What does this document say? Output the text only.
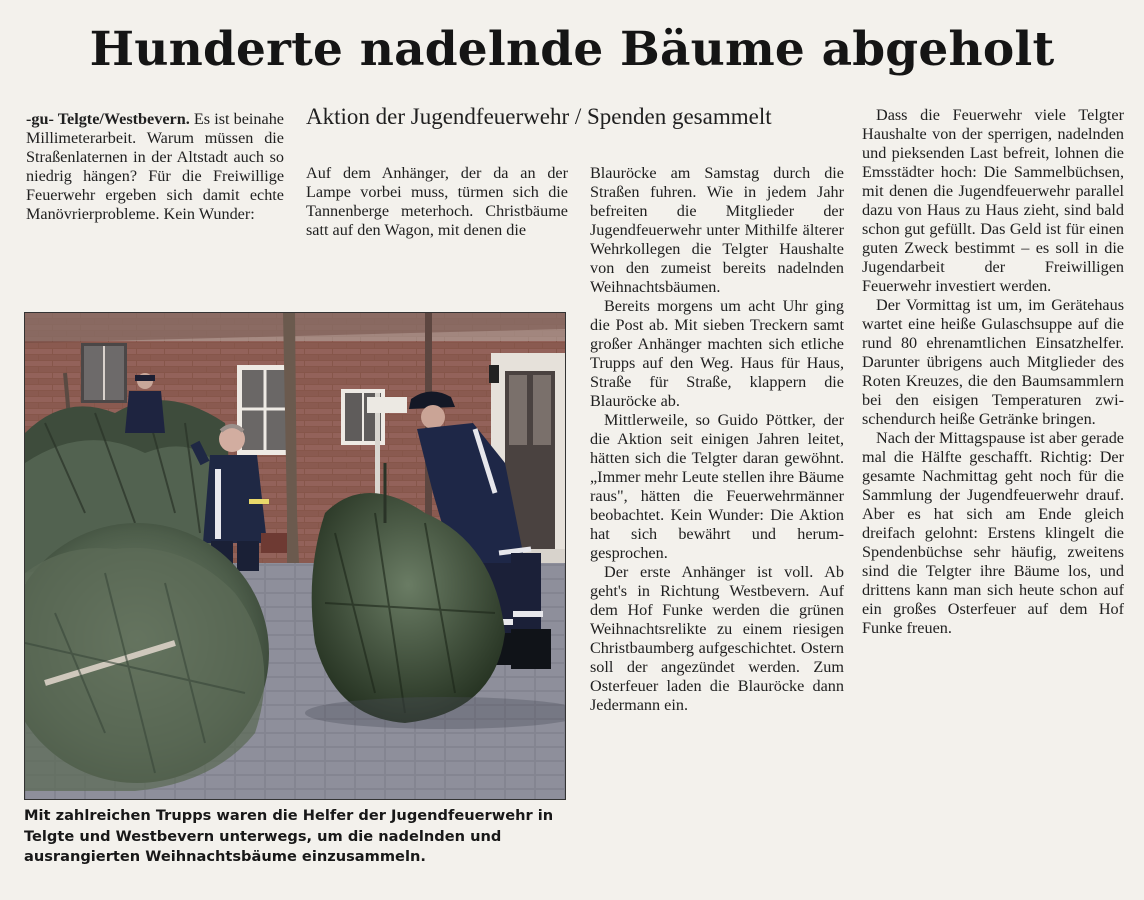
Hunderte nadelnde Bäume abgeholt
Aktion der Jugendfeuerwehr / Spenden gesammelt

-gu- Telgte/Westbevern. Es ist beinahe Millimeterarbeit. Warum müssen die Straßenlaternen in der Altstadt auch so niedrig hängen? Für die Freiwillige Feuerwehr ergeben sich damit echte Manövrierprobleme. Kein Wunder:

Auf dem Anhänger, der da an der Lampe vorbei muss, türmen sich die Tannenberge meterhoch. Christbäume satt auf den Wagon, mit denen die

Blauröcke am Samstag durch die Straßen fuhren. Wie in jedem Jahr befreiten die Mitglieder der Jugendfeuerwehr unter Mithilfe älterer Wehrkollegen die Telgter Haushalte von den zumeist bereits nadelnden Weihnachtsbäumen.

Bereits morgens um acht Uhr ging die Post ab. Mit sieben Treckern samt großer Anhänger machten sich etliche Trupps auf den Weg. Haus für Haus, Straße für Straße, klappern die Blauröcke ab.

Mittlerweile, so Guido Pöttker, der die Aktion seit einigen Jahren leitet, hätten sich die Telgter daran gewöhnt. „Immer mehr Leute stellen ihre Bäume raus", hätten die Feuerwehrmänner beobachtet. Kein Wunder: Die Aktion hat sich bewährt und herumgesprochen.

Der erste Anhänger ist voll. Ab geht's in Richtung Westbevern. Auf dem Hof Funke werden die grünen Weihnachtsrelikte zu einem riesigen Christbaumberg aufgeschichtet. Ostern soll der angezündet werden. Zum Osterfeuer laden die Blauröcke dann Jedermann ein.

Dass die Feuerwehr viele Telgter Haushalte von der sperrigen, nadelnden und pieksenden Last befreit, lohnen die Emsstädter hoch: Die Sammelbüchsen, mit denen die Jugendfeuerwehr parallel dazu von Haus zu Haus zieht, sind bald schon gut gefüllt. Das Geld ist für einen guten Zweck bestimmt – es soll in die Jugendarbeit der Freiwilligen Feuerwehr investiert werden.

Der Vormittag ist um, im Gerätehaus wartet eine heiße Gulaschsuppe auf die rund 80 ehrenamtlichen Einsatzhelfer. Darunter übrigens auch Mitglieder des Roten Kreuzes, die den Baumsammlern bei den eisigen Temperaturen zwischendurch heiße Getränke bringen.

Nach der Mittagspause ist aber gerade mal die Hälfte geschafft. Richtig: Der gesamte Nachmittag geht noch für die Sammlung der Jugendfeuerwehr drauf. Aber es hat sich am Ende gleich dreifach gelohnt: Erstens klingelt die Spendenbüchse sehr häufig, zweitens sind die Telgter ihre Bäume los, und drittens kann man sich heute schon auf ein großes Osterfeuer auf dem Hof Funke freuen.

Mit zahlreichen Trupps waren die Helfer der Jugendfeuerwehr in Telgte und Westbevern unterwegs, um die nadelnden und ausrangierten Weihnachtsbäume einzusammeln.
